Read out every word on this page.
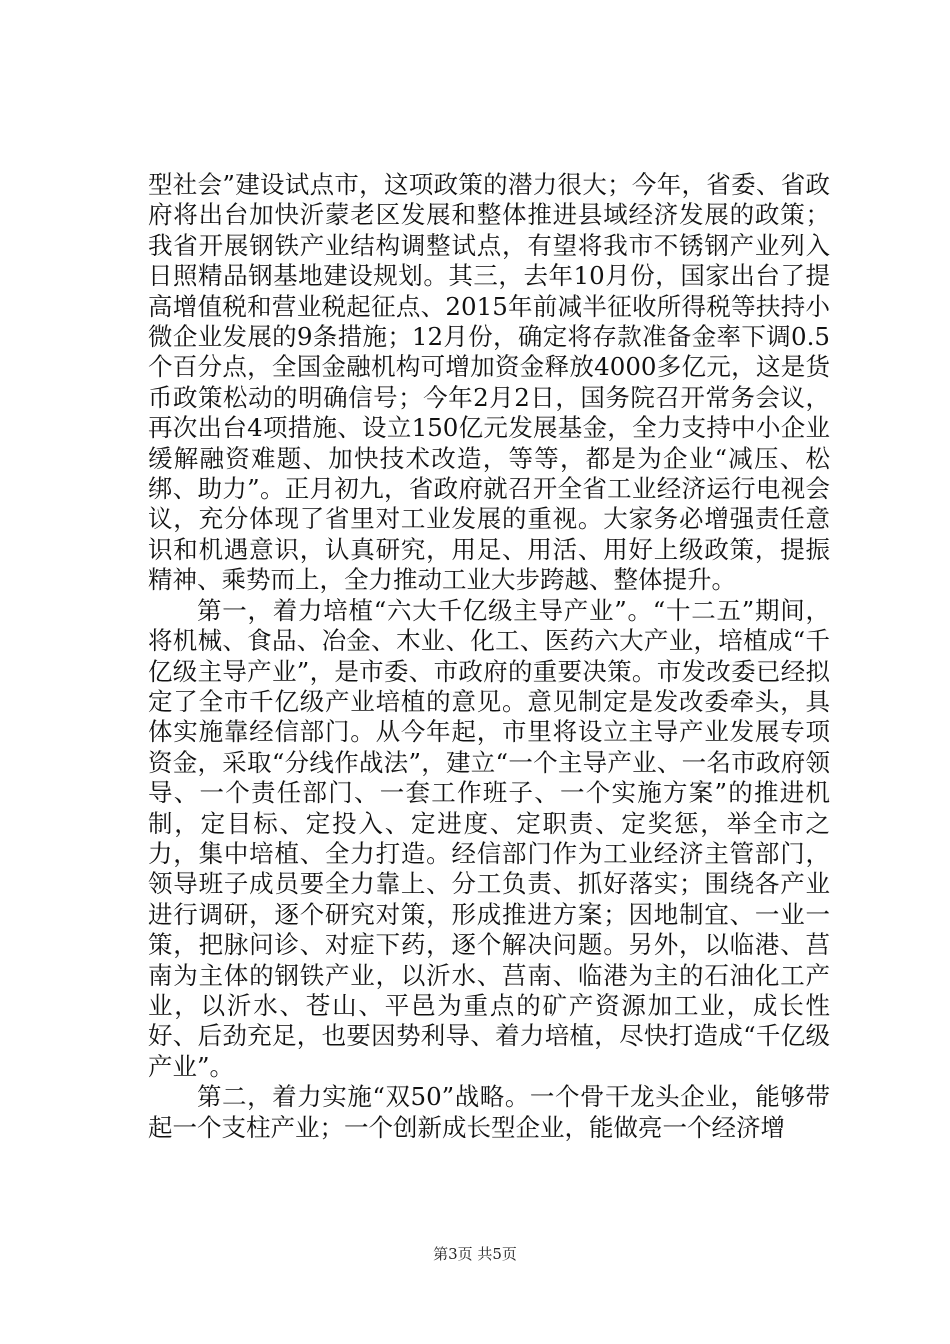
型社会”建设试点市，这项政策的潜力很大；今年，省委、省政府将出台加快沂蒙老区发展和整体推进县域经济发展的政策；我省开展钢铁产业结构调整试点，有望将我市不锈钢产业列入日照精品钢基地建设规划。其三，去年10月份，国家出台了提高增值税和营业税起征点、2015年前减半征收所得税等扶持小微企业发展的9条措施；12月份，确定将存款准备金率下调0.5个百分点，全国金融机构可增加资金释放4000多亿元，这是货币政策松动的明确信号；今年2月2日，国务院召开常务会议，再次出台4项措施、设立150亿元发展基金，全力支持中小企业缓解融资难题、加快技术改造，等等，都是为企业“减压、松绑、助力”。正月初九，省政府就召开全省工业经济运行电视会议，充分体现了省里对工业发展的重视。大家务必增强责任意识和机遇意识，认真研究，用足、用活、用好上级政策，提振精神、乘势而上，全力推动工业大步跨越、整体提升。

第一，着力培植“六大千亿级主导产业”。“十二五”期间，将机械、食品、冶金、木业、化工、医药六大产业，培植成“千亿级主导产业”，是市委、市政府的重要决策。市发改委已经拟定了全市千亿级产业培植的意见。意见制定是发改委牵头，具体实施靠经信部门。从今年起，市里将设立主导产业发展专项资金，采取“分线作战法”，建立“一个主导产业、一名市政府领导、一个责任部门、一套工作班子、一个实施方案”的推进机制，定目标、定投入、定进度、定职责、定奖惩，举全市之力，集中培植、全力打造。经信部门作为工业经济主管部门，领导班子成员要全力靠上、分工负责、抓好落实；围绕各产业进行调研，逐个研究对策，形成推进方案；因地制宜、一业一策，把脉问诊、对症下药，逐个解决问题。另外，以临港、莒南为主体的钢铁产业，以沂水、莒南、临港为主的石油化工产业，以沂水、苍山、平邑为重点的矿产资源加工业，成长性好、后劲充足，也要因势利导、着力培植，尽快打造成“千亿级产业”。

第二，着力实施“双50”战略。一个骨干龙头企业，能够带起一个支柱产业；一个创新成长型企业，能做亮一个经济增

第3页 共5页
